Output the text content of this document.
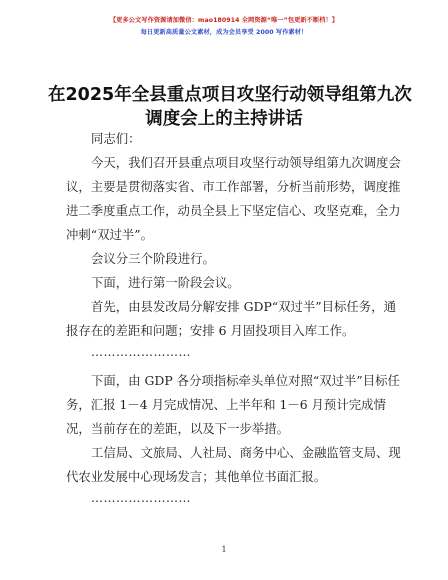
【更多公文写作资源请加微信：mao180914 全网资源“唯一”包更新不断档！】
每日更新高质量公文素材，成为会员享受 2000 写作素材！
在2025年全县重点项目攻坚行动领导组第九次
调度会上的主持讲话

同志们：

今天，我们召开县重点项目攻坚行动领导组第九次调度会
议，主要是贯彻落实省、市工作部署，分析当前形势，调度推
进二季度重点工作，动员全县上下坚定信心、攻坚克难，全力
冲刺“双过半”。

会议分三个阶段进行。

下面，进行第一阶段会议。

首先，由县发改局分解安排 GDP“双过半”目标任务，通
报存在的差距和问题；安排 6 月固投项目入库工作。

……………………

下面，由 GDP 各分项指标牵头单位对照“双过半”目标任
务，汇报 1－4 月完成情况、上半年和 1－6 月预计完成情
况，当前存在的差距，以及下一步举措。

工信局、文旅局、人社局、商务中心、金融监管支局、现
代农业发展中心现场发言；其他单位书面汇报。

……………………
1
